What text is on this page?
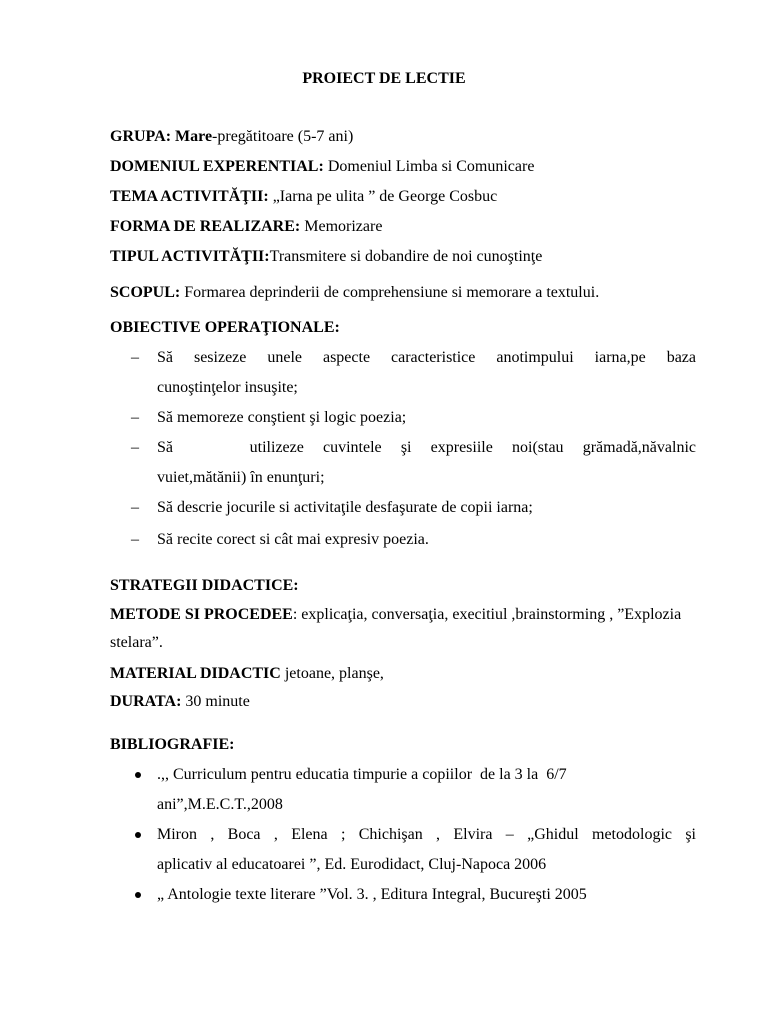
PROIECT DE LECTIE
GRUPA: Mare-pregătitoare (5-7 ani)
DOMENIUL EXPERENTIAL: Domeniul Limba si Comunicare
TEMA ACTIVITĂŢII: „Iarna pe ulita ” de George Cosbuc
FORMA DE REALIZARE: Memorizare
TIPUL ACTIVITĂŢII:Transmitere si dobandire de noi cunoştinţe
SCOPUL: Formarea deprinderii de comprehensiune si memorare a textului.
OBIECTIVE OPERAŢIONALE:
–	Să sesizeze unele aspecte caracteristice anotimpului iarna,pe baza
cunoştinţelor insuşite;
–	Să memoreze conştient şi logic poezia;
–	Să    utilizeze cuvintele şi expresiile noi(stau grămadă,năvalnic
vuiet,mătănii) în enunţuri;
–	Să descrie jocurile si activitaţile desfaşurate de copii iarna;
–	Să recite corect si cât mai expresiv poezia.
STRATEGII DIDACTICE:
METODE SI PROCEDEE: explicaţia, conversaţia, execitiul ,brainstorming , ”Explozia
stelara”.
MATERIAL DIDACTIC jetoane, planşe,
DURATA: 30 minute
BIBLIOGRAFIE:
.,, Curriculum pentru educatia timpurie a copiilor  de la 3 la  6/7
ani”,M.E.C.T.,2008
Miron , Boca , Elena ; Chichişan , Elvira – „Ghidul metodologic şi
aplicativ al educatoarei ”, Ed. Eurodidact, Cluj-Napoca 2006
„ Antologie texte literare ”Vol. 3. , Editura Integral, Bucureşti 2005
